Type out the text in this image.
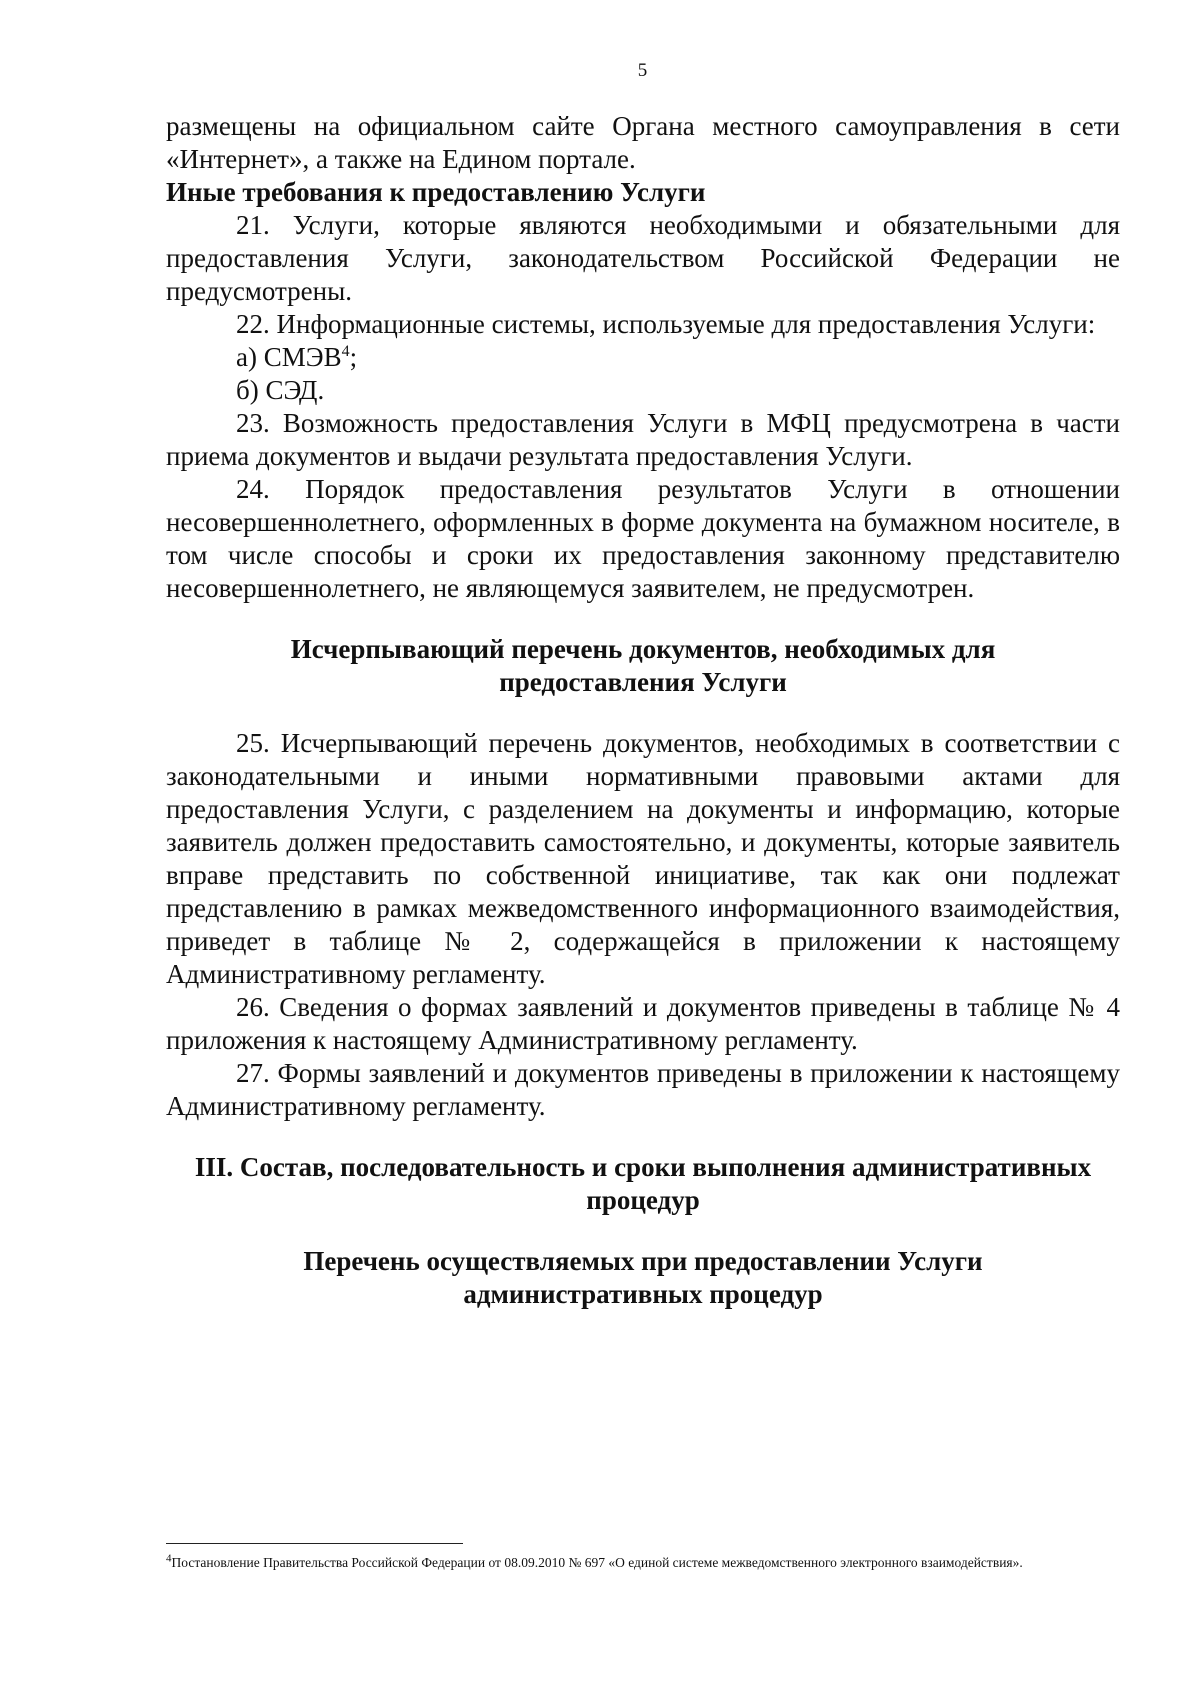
5

размещены на официальном сайте Органа местного самоуправления в сети «Интернет», а также на Едином портале.

Иные требования к предоставлению Услуги

21. Услуги, которые являются необходимыми и обязательными для предоставления Услуги, законодательством Российской Федерации не предусмотрены.

22. Информационные системы, используемые для предоставления Услуги:

а) СМЭВ$^4$;

б) СЭД.

23. Возможность предоставления Услуги в МФЦ предусмотрена в части приема документов и выдачи результата предоставления Услуги.

24. Порядок предоставления результатов Услуги в отношении несовершеннолетнего, оформленных в форме документа на бумажном носителе, в том числе способы и сроки их предоставления законному представителю несовершеннолетнего, не являющемуся заявителем, не предусмотрен.

Исчерпывающий перечень документов, необходимых для
предоставления Услуги

25. Исчерпывающий перечень документов, необходимых в соответствии с законодательными и иными нормативными правовыми актами для предоставления Услуги, с разделением на документы и информацию, которые заявитель должен предоставить самостоятельно, и документы, которые заявитель вправе представить по собственной инициативе, так как они подлежат представлению в рамках межведомственного информационного взаимодействия, приведет в таблице № 2, содержащейся в приложении к настоящему Административному регламенту.

26. Сведения о формах заявлений и документов приведены в таблице № 4 приложения к настоящему Административному регламенту.

27. Формы заявлений и документов приведены в приложении к настоящему Административному регламенту.

III. Состав, последовательность и сроки выполнения административных
процедур
Перечень осуществляемых при предоставлении Услуги
административных процедур
$^4$Постановление Правительства Российской Федерации от 08.09.2010 № 697 «О единой системе межведомственного электронного взаимодействия».
